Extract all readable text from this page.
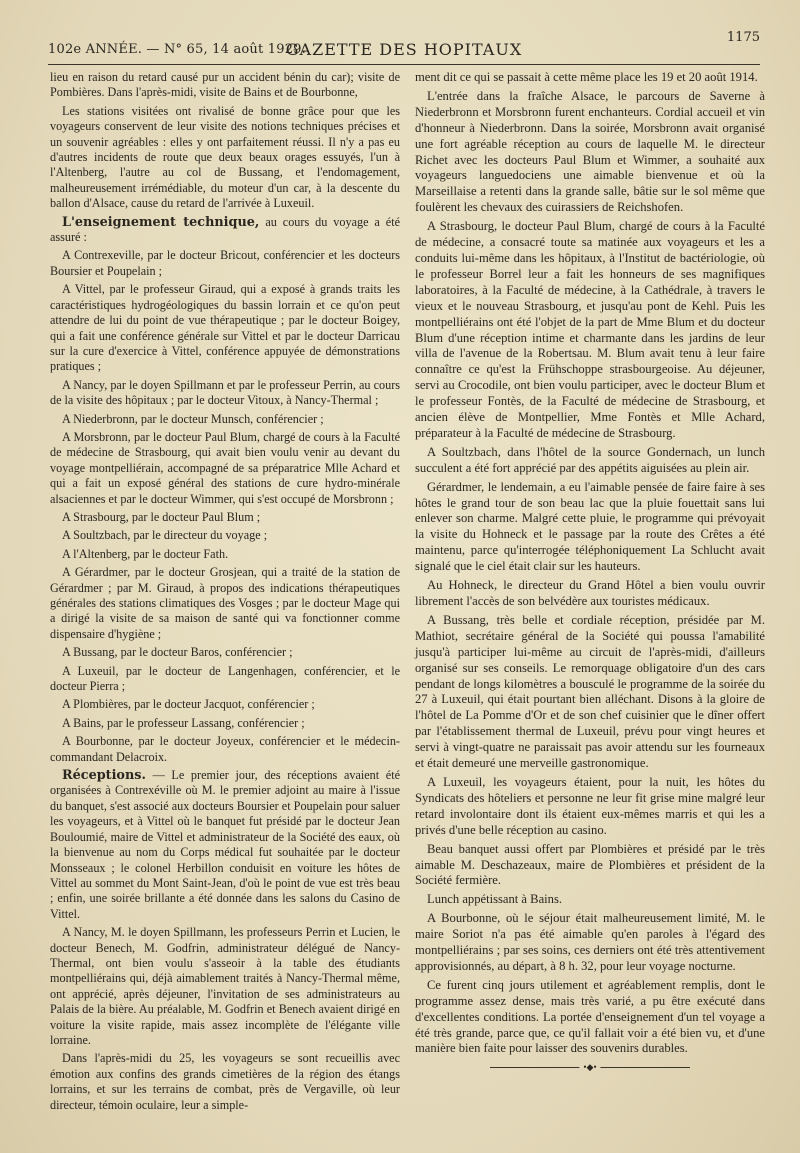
102e ANNÉE. — N° 65, 14 août 1929.
GAZETTE DES HOPITAUX
1175

lieu en raison du retard causé pur un accident bénin du car); visite de Pombières. Dans l'après-midi, visite de Bains et de Bourbonne,

Les stations visitées ont rivalisé de bonne grâce pour que les voyageurs conservent de leur visite des notions techniques précises et un souvenir agréables : elles y ont parfaitement réussi. Il n'y a pas eu d'autres incidents de route que deux beaux orages essuyés, l'un à l'Altenberg, l'autre au col de Bussang, et l'endomagement, malheureusement irrémédiable, du moteur d'un car, à la descente du ballon d'Alsace, cause du retard de l'arrivée à Luxeuil.

L'enseignement technique, au cours du voyage a été assuré :

A Contrexeville, par le docteur Bricout, conférencier et les docteurs Boursier et Poupelain ;

A Vittel, par le professeur Giraud, qui a exposé à grands traits les caractéristiques hydrogéologiques du bassin lorrain et ce qu'on peut attendre de lui du point de vue thérapeutique ; par le docteur Boigey, qui a fait une conférence générale sur Vittel et par le docteur Darricau sur la cure d'exercice à Vittel, conférence appuyée de démonstrations pratiques ;

A Nancy, par le doyen Spillmann et par le professeur Perrin, au cours de la visite des hôpitaux ; par le docteur Vitoux, à Nancy-Thermal ;

A Niederbronn, par le docteur Munsch, conférencier ;

A Morsbronn, par le docteur Paul Blum, chargé de cours à la Faculté de médecine de Strasbourg, qui avait bien voulu venir au devant du voyage montpelliérain, accompagné de sa préparatrice Mlle Achard et qui a fait un exposé général des stations de cure hydro-minérale alsaciennes et par le docteur Wimmer, qui s'est occupé de Morsbronn ;

A Strasbourg, par le docteur Paul Blum ;

A Soultzbach, par le directeur du voyage ;

A l'Altenberg, par le docteur Fath.

A Gérardmer, par le docteur Grosjean, qui a traité de la station de Gérardmer ; par M. Giraud, à propos des indications thérapeutiques générales des stations climatiques des Vosges ; par le docteur Mage qui a dirigé la visite de sa maison de santé qui va fonctionner comme dispensaire d'hygiène ;

A Bussang, par le docteur Baros, conférencier ;

A Luxeuil, par le docteur de Langenhagen, conférencier, et le docteur Pierra ;

A Plombières, par le docteur Jacquot, conférencier ;

A Bains, par le professeur Lassang, conférencier ;

A Bourbonne, par le docteur Joyeux, conférencier et le médecin-commandant Delacroix.

Réceptions. — Le premier jour, des réceptions avaient été organisées à Contrexéville où M. le premier adjoint au maire à l'issue du banquet, s'est associé aux docteurs Boursier et Poupelain pour saluer les voyageurs, et à Vittel où le banquet fut présidé par le docteur Jean Bouloumié, maire de Vittel et administrateur de la Société des eaux, où la bienvenue au nom du Corps médical fut souhaitée par le docteur Monsseaux ; le colonel Herbillon conduisit en voiture les hôtes de Vittel au sommet du Mont Saint-Jean, d'où le point de vue est très beau ; enfin, une soirée brillante a été donnée dans les salons du Casino de Vittel.

A Nancy, M. le doyen Spillmann, les professeurs Perrin et Lucien, le docteur Benech, M. Godfrin, administrateur délégué de Nancy-Thermal, ont bien voulu s'asseoir à la table des étudiants montpelliérains qui, déjà aimablement traités à Nancy-Thermal même, ont apprécié, après déjeuner, l'invitation de ses administrateurs au Palais de la bière. Au préalable, M. Godfrin et Benech avaient dirigé en voiture la visite rapide, mais assez incomplète de l'élégante ville lorraine.

Dans l'après-midi du 25, les voyageurs se sont recueillis avec émotion aux confins des grands cimetières de la région des étangs lorrains, et sur les terrains de combat, près de Vergaville, où leur directeur, témoin oculaire, leur a simple-

ment dit ce qui se passait à cette même place les 19 et 20 août 1914.

L'entrée dans la fraîche Alsace, le parcours de Saverne à Niederbronn et Morsbronn furent enchanteurs. Cordial accueil et vin d'honneur à Niederbronn. Dans la soirée, Morsbronn avait organisé une fort agréable réception au cours de laquelle M. le directeur Richet avec les docteurs Paul Blum et Wimmer, a souhaité aux voyageurs languedociens une aimable bienvenue et où la Marseillaise a retenti dans la grande salle, bâtie sur le sol même que foulèrent les chevaux des cuirassiers de Reichshofen.

A Strasbourg, le docteur Paul Blum, chargé de cours à la Faculté de médecine, a consacré toute sa matinée aux voyageurs et les a conduits lui-même dans les hôpitaux, à l'Institut de bactériologie, où le professeur Borrel leur a fait les honneurs de ses magnifiques laboratoires, à la Faculté de médecine, à la Cathédrale, à travers le vieux et le nouveau Strasbourg, et jusqu'au pont de Kehl. Puis les montpelliérains ont été l'objet de la part de Mme Blum et du docteur Blum d'une réception intime et charmante dans les jardins de leur villa de l'avenue de la Robertsau. M. Blum avait tenu à leur faire connaître ce qu'est la Frühschoppe strasbourgeoise. Au déjeuner, servi au Crocodile, ont bien voulu participer, avec le docteur Blum et le professeur Fontès, de la Faculté de médecine de Strasbourg, et ancien élève de Montpellier, Mme Fontès et Mlle Achard, préparateur à la Faculté de médecine de Strasbourg.

A Soultzbach, dans l'hôtel de la source Gondernach, un lunch succulent a été fort apprécié par des appétits aiguisées au plein air.

Gérardmer, le lendemain, a eu l'aimable pensée de faire faire à ses hôtes le grand tour de son beau lac que la pluie fouettait sans lui enlever son charme. Malgré cette pluie, le programme qui prévoyait la visite du Hohneck et le passage par la route des Crêtes a été maintenu, parce qu'interrogée téléphoniquement La Schlucht avait signalé que le ciel était clair sur les hauteurs.

Au Hohneck, le directeur du Grand Hôtel a bien voulu ouvrir librement l'accès de son belvédère aux touristes médicaux.

A Bussang, très belle et cordiale réception, présidée par M. Mathiot, secrétaire général de la Société qui poussa l'amabilité jusqu'à participer lui-même au circuit de l'après-midi, d'ailleurs organisé sur ses conseils. Le remorquage obligatoire d'un des cars pendant de longs kilomètres a bousculé le programme de la soirée du 27 à Luxeuil, qui était pourtant bien alléchant. Disons à la gloire de l'hôtel de La Pomme d'Or et de son chef cuisinier que le dîner offert par l'établissement thermal de Luxeuil, prévu pour vingt heures et servi à vingt-quatre ne paraissait pas avoir attendu sur les fourneaux et était demeuré une merveille gastronomique.

A Luxeuil, les voyageurs étaient, pour la nuit, les hôtes du Syndicats des hôteliers et personne ne leur fit grise mine malgré leur retard involontaire dont ils étaient eux-mêmes marris et qui les a privés d'une belle réception au casino.

Beau banquet aussi offert par Plombières et présidé par le très aimable M. Deschazeaux, maire de Plombières et président de la Société fermière.

Lunch appétissant à Bains.

A Bourbonne, où le séjour était malheureusement limité, M. le maire Soriot n'a pas été aimable qu'en paroles à l'égard des montpelliérains ; par ses soins, ces derniers ont été très attentivement approvisionnés, au départ, à 8 h. 32, pour leur voyage nocturne.

Ce furent cinq jours utilement et agréablement remplis, dont le programme assez dense, mais très varié, a pu être exécuté dans d'excellentes conditions. La portée d'enseignement d'un tel voyage a été très grande, parce que, ce qu'il fallait voir a été bien vu, et d'une manière bien faite pour laisser des souvenirs durables.

•◆•
